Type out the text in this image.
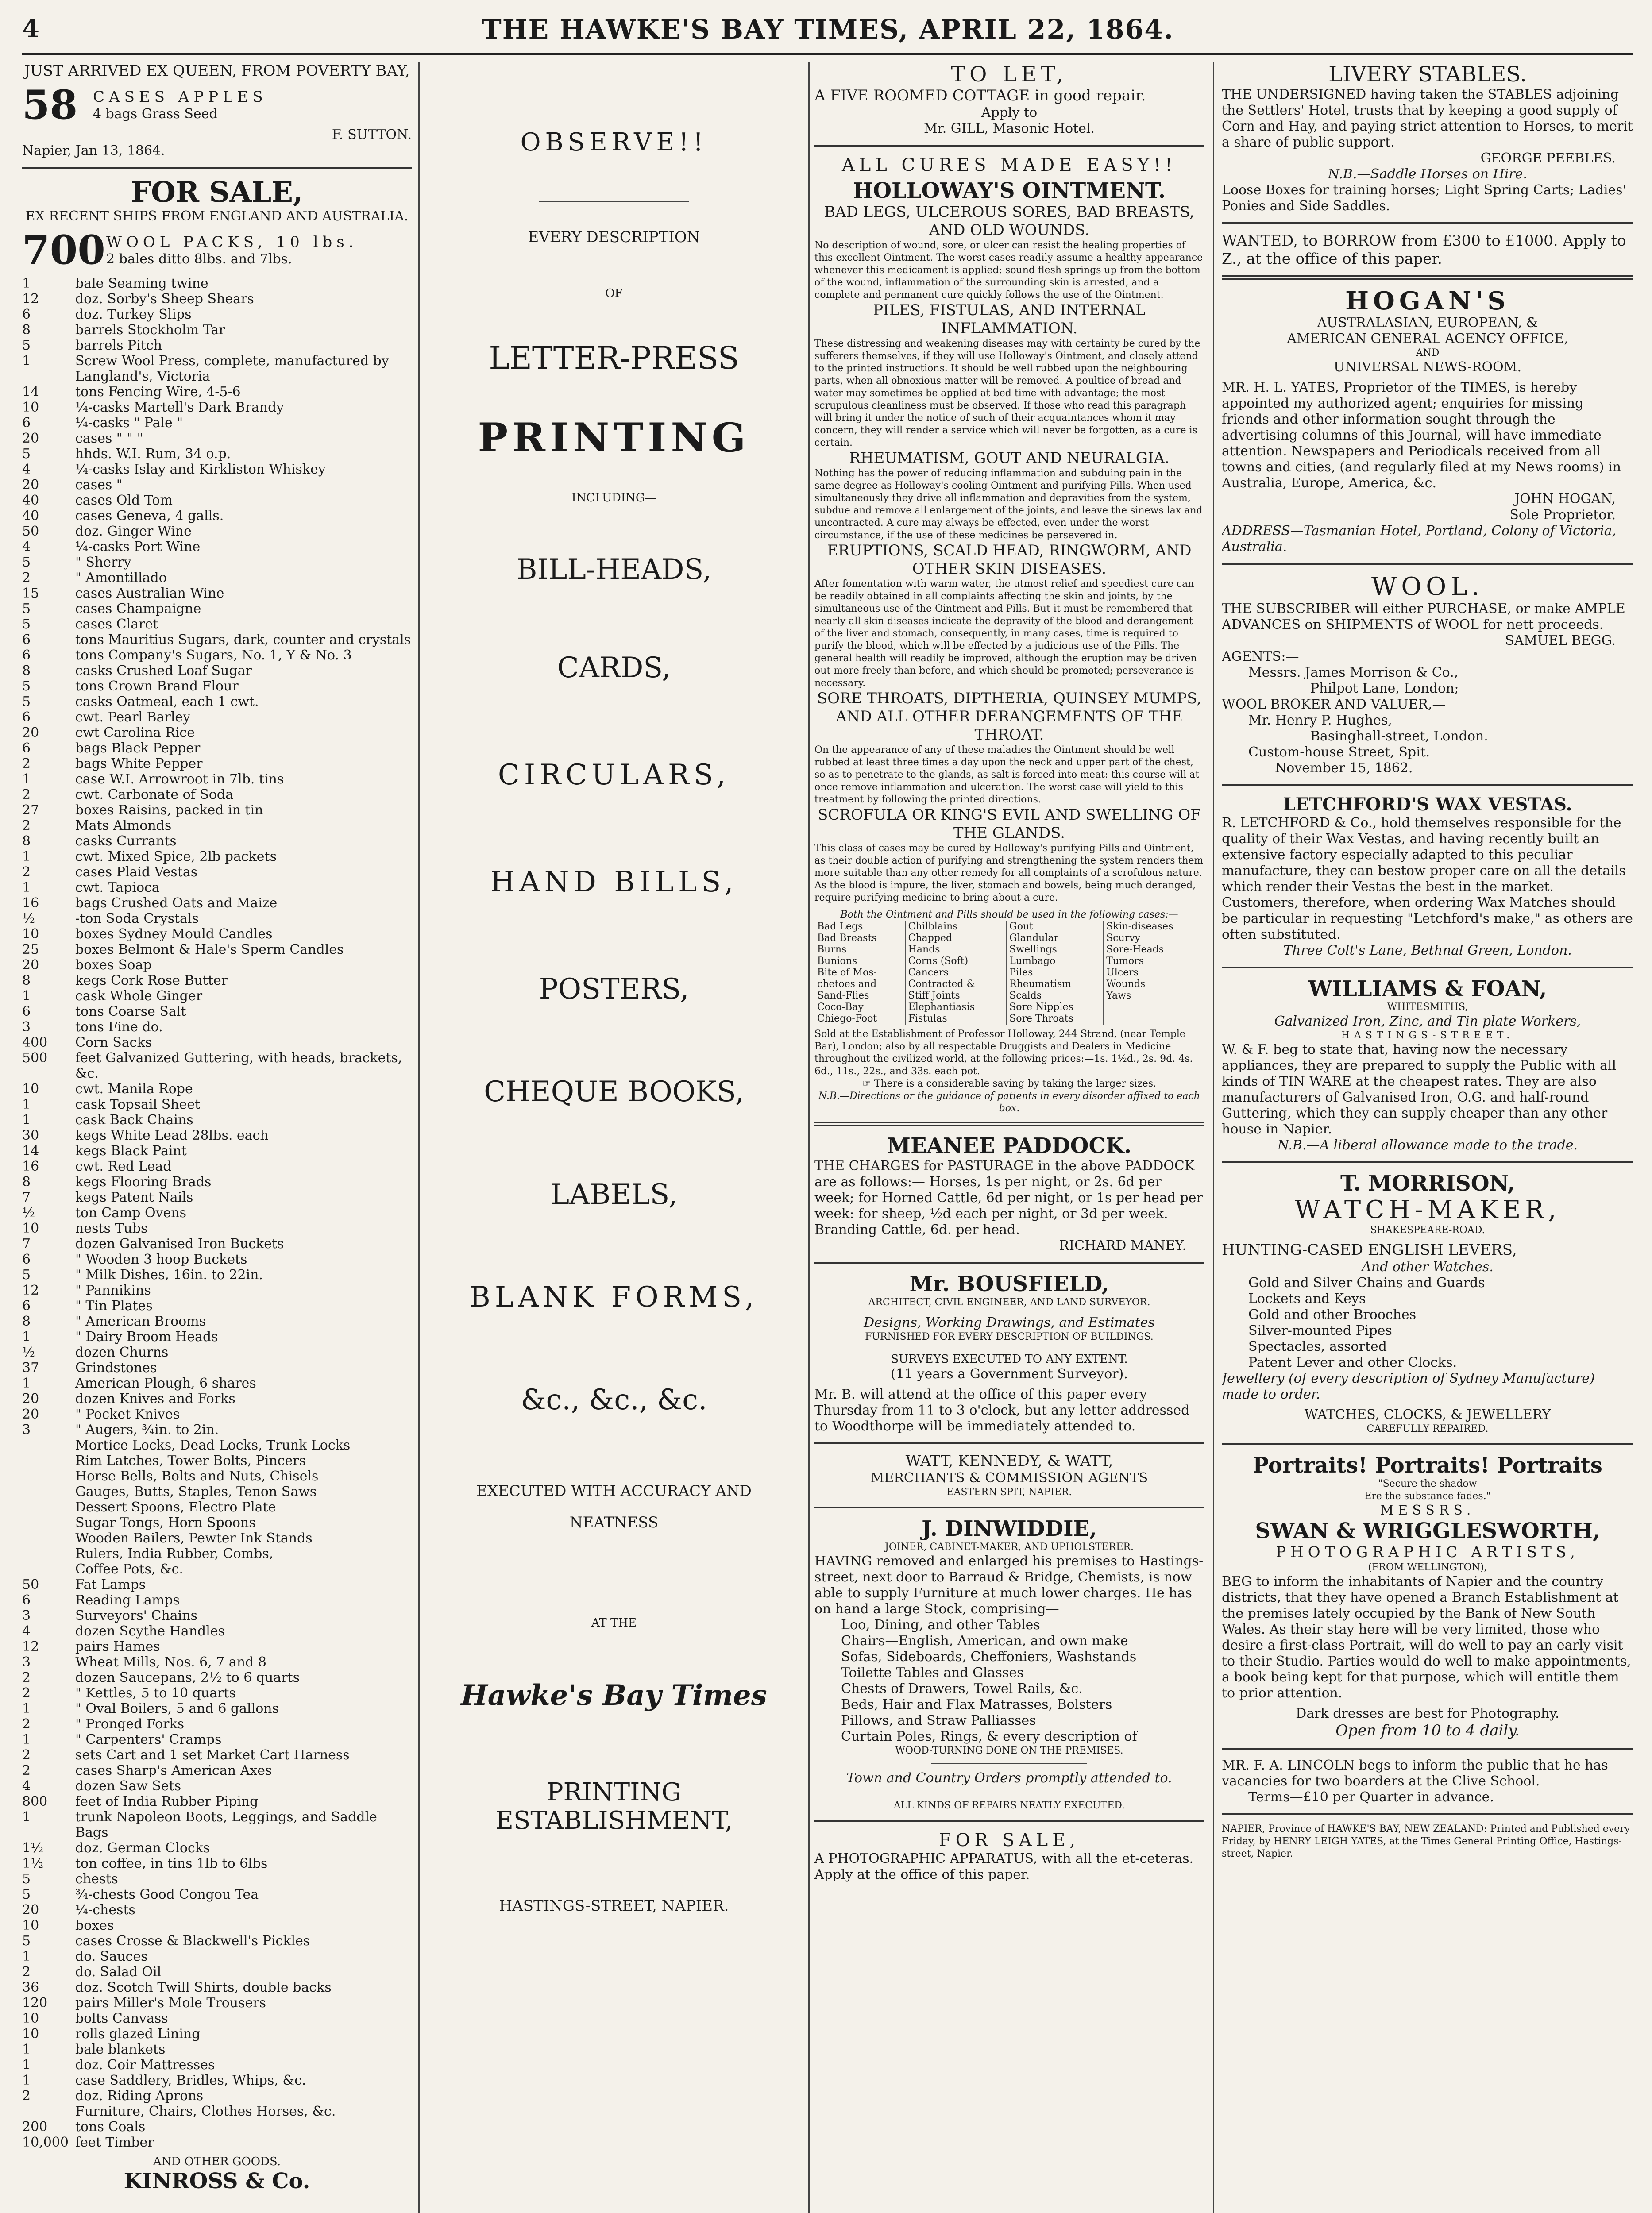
4	THE HAWKE'S BAY TIMES, APRIL 22, 1864.
JUST ARRIVED EX QUEEN, FROM POVERTY BAY,
58	CASES APPLES
4 bags Grass Seed
F. SUTTON.
Napier, Jan 13, 1864.
FOR SALE,
EX RECENT SHIPS FROM ENGLAND AND AUSTRALIA.
700 WOOL PACKS, 10 lbs.
2 bales ditto 8lbs. and 7lbs.
1	bale Seaming twine
12	doz. Sorby's Sheep Shears
6	doz. Turkey Slips
8	barrels Stockholm Tar
5	barrels Pitch
1	Screw Wool Press, complete, manufactured by Langland's, Victoria
14	tons Fencing Wire, 4-5-6
10	¼-casks Martell's Dark Brandy
6	¼-casks " Pale "
20	cases " " "
5	hhds. W.I. Rum, 34 o.p.
4	¼-casks Islay and Kirkliston Whiskey
20	cases "
40	cases Old Tom
40	cases Geneva, 4 galls.
50	doz. Ginger Wine
4	¼-casks Port Wine
5	" Sherry
2	" Amontillado
15	cases Australian Wine
5	cases Champaigne
5	cases Claret
6	tons Mauritius Sugars, dark, counter and crystals
6	tons Company's Sugars, No. 1, Y & No. 3
8	casks Crushed Loaf Sugar
5	tons Crown Brand Flour
5	casks Oatmeal, each 1 cwt.
6	cwt. Pearl Barley
20	cwt Carolina Rice
6	bags Black Pepper
2	bags White Pepper
1	case W.I. Arrowroot in 7lb. tins
2	cwt. Carbonate of Soda
27	boxes Raisins, packed in tin
2	Mats Almonds
8	casks Currants
1	cwt. Mixed Spice, 2lb packets
2	cases Plaid Vestas
1	cwt. Tapioca
16	bags Crushed Oats and Maize
½	-ton Soda Crystals
10	boxes Sydney Mould Candles
25	boxes Belmont & Hale's Sperm Candles
20	boxes Soap
8	kegs Cork Rose Butter
1	cask Whole Ginger
6	tons Coarse Salt
3	tons Fine do.
400 Corn Sacks
500 feet Galvanized Guttering, with heads, brackets, &c.
10	cwt. Manila Rope
1	cask Topsail Sheet
1	cask Back Chains
30	kegs White Lead 28lbs. each
14	kegs Black Paint
16	cwt. Red Lead
8	kegs Flooring Brads
7	kegs Patent Nails
½	ton Camp Ovens
10	nests Tubs
7	dozen Galvanised Iron Buckets
6	" Wooden 3 hoop Buckets
5	" Milk Dishes, 16in. to 22in.
12	" Pannikins
6	" Tin Plates
8	" American Brooms
1	" Dairy Broom Heads
½	dozen Churns
37	Grindstones
1	American Plough, 6 shares
20	dozen Knives and Forks
20	" Pocket Knives
3	" Augers, ¾in. to 2in.
Mortice Locks, Dead Locks, Trunk Locks
Rim Latches, Tower Bolts, Pincers
Horse Bells, Bolts and Nuts, Chisels
Gauges, Butts, Staples, Tenon Saws
Dessert Spoons, Electro Plate
Sugar Tongs, Horn Spoons
Wooden Bailers, Pewter Ink Stands
Rulers, India Rubber, Combs,
Coffee Pots, &c.
50	Fat Lamps
6	Reading Lamps
3	Surveyors' Chains
4	dozen Scythe Handles
12	pairs Hames
3	Wheat Mills, Nos. 6, 7 and 8
2	dozen Saucepans, 2½ to 6 quarts
2	" Kettles, 5 to 10 quarts
1	" Oval Boilers, 5 and 6 gallons
2	" Pronged Forks
1	" Carpenters' Cramps
2	sets Cart and 1 set Market Cart Harness
2	cases Sharp's American Axes
4	dozen Saw Sets
800 feet of India Rubber Piping
1	trunk Napoleon Boots, Leggings, and Saddle Bags
1½ doz. German Clocks
1½ ton coffee, in tins 1lb to 6lbs
5	chests
5	¾-chests Good Congou Tea
20	¼-chests
10	boxes
5	cases Crosse & Blackwell's Pickles
1	do. Sauces
2	do. Salad Oil
36	doz. Scotch Twill Shirts, double backs
120 pairs Miller's Mole Trousers
10	bolts Canvass
10	rolls glazed Lining
1	bale blankets
1	doz. Coir Mattresses
1	case Saddlery, Bridles, Whips, &c.
2	doz. Riding Aprons
Furniture, Chairs, Clothes Horses, &c.
200 tons Coals
10,000 feet Timber
AND OTHER GOODS.
KINROSS & Co.
OBSERVE!!
EVERY DESCRIPTION
OF
LETTER-PRESS
PRINTING
INCLUDING—
BILL-HEADS,
CARDS,
CIRCULARS,
HAND BILLS,
POSTERS,
CHEQUE BOOKS,
LABELS,
BLANK FORMS,
&c., &c., &c.
EXECUTED WITH ACCURACY AND
NEATNESS
AT THE
Hawke's Bay Times
PRINTING ESTABLISHMENT,
HASTINGS-STREET, NAPIER.
TO LET,
A FIVE ROOMED COTTAGE in good repair.
Apply to
Mr. GILL, Masonic Hotel.
ALL CURES MADE EASY!!
HOLLOWAY'S OINTMENT.
BAD LEGS, ULCEROUS SORES, BAD BREASTS, AND OLD WOUNDS.

No description of wound, sore, or ulcer can resist the healing properties of this excellent Ointment. The worst cases readily assume a healthy appearance whenever this medicament is applied: sound flesh springs up from the bottom of the wound, inflammation of the surrounding skin is arrested, and a complete and permanent cure quickly follows the use of the Ointment.

PILES, FISTULAS, AND INTERNAL INFLAMMATION.

These distressing and weakening diseases may with certainty be cured by the sufferers themselves, if they will use Holloway's Ointment, and closely attend to the printed instructions. It should be well rubbed upon the neighbouring parts, when all obnoxious matter will be removed. A poultice of bread and water may sometimes be applied at bed time with advantage; the most scrupulous cleanliness must be observed. If those who read this paragraph will bring it under the notice of such of their acquaintances whom it may concern, they will render a service which will never be forgotten, as a cure is certain.

RHEUMATISM, GOUT AND NEURALGIA.

Nothing has the power of reducing inflammation and subduing pain in the same degree as Holloway's cooling Ointment and purifying Pills. When used simultaneously they drive all inflammation and depravities from the system, subdue and remove all enlargement of the joints, and leave the sinews lax and uncontracted. A cure may always be effected, even under the worst circumstance, if the use of these medicines be persevered in.

ERUPTIONS, SCALD HEAD, RINGWORM, AND OTHER SKIN DISEASES.

After fomentation with warm water, the utmost relief and speediest cure can be readily obtained in all complaints affecting the skin and joints, by the simultaneous use of the Ointment and Pills. But it must be remembered that nearly all skin diseases indicate the depravity of the blood and derangement of the liver and stomach, consequently, in many cases, time is required to purify the blood, which will be effected by a judicious use of the Pills. The general health will readily be improved, although the eruption may be driven out more freely than before, and which should be promoted; perseverance is necessary.

SORE THROATS, DIPTHERIA, QUINSEY MUMPS, AND ALL OTHER DERANGEMENTS OF THE THROAT.

On the appearance of any of these maladies the Ointment should be well rubbed at least three times a day upon the neck and upper part of the chest, so as to penetrate to the glands, as salt is forced into meat: this course will at once remove inflammation and ulceration. The worst case will yield to this treatment by following the printed directions.

SCROFULA OR KING'S EVIL AND SWELLING OF THE GLANDS.

This class of cases may be cured by Holloway's purifying Pills and Ointment, as their double action of purifying and strengthening the system renders them more suitable than any other remedy for all complaints of a scrofulous nature. As the blood is impure, the liver, stomach and bowels, being much deranged, require purifying medicine to bring about a cure.

Both the Ointment and Pills should be used in the following cases:—
Bad Legs	Chilblains	Gout	Skin-diseases
Bad Breasts	Chapped	Glandular	Scurvy
Burns	Hands	Swellings	Sore-Heads
Bunions	Corns (Soft)	Lumbago	Tumors
Bite of Mos-	Cancers	Piles	Ulcers
chetoes and	Contracted &	Rheumatism	Wounds
Sand-Flies	Stiff Joints	Scalds	Yaws
Coco-Bay	Elephantiasis	Sore Nipples	
Chiego-Foot	Fistulas	Sore Throats	

Sold at the Establishment of Professor Holloway, 244 Strand, (near Temple Bar), London; also by all respectable Druggists and Dealers in Medicine throughout the civilized world, at the following prices:—1s. 1½d., 2s. 9d. 4s. 6d., 11s., 22s., and 33s. each pot.

☞ There is a considerable saving by taking the larger sizes.
N.B.—Directions or the guidance of patients in every disorder affixed to each box.
MEANEE PADDOCK.

THE CHARGES for PASTURAGE in the above PADDOCK are as follows:— Horses, 1s per night, or 2s. 6d per week; for Horned Cattle, 6d per night, or 1s per head per week: for sheep, ½d each per night, or 3d per week. Branding Cattle, 6d. per head.

RICHARD MANEY.
Mr. BOUSFIELD,
ARCHITECT, CIVIL ENGINEER, AND LAND SURVEYOR.
Designs, Working Drawings, and Estimates
FURNISHED FOR EVERY DESCRIPTION OF BUILDINGS.
SURVEYS EXECUTED TO ANY EXTENT.
(11 years a Government Surveyor).

Mr. B. will attend at the office of this paper every Thursday from 11 to 3 o'clock, but any letter addressed to Woodthorpe will be immediately attended to.

WATT, KENNEDY, & WATT,
MERCHANTS & COMMISSION AGENTS
EASTERN SPIT, NAPIER.
J. DINWIDDIE,
JOINER, CABINET-MAKER, AND UPHOLSTERER.

HAVING removed and enlarged his premises to Hastings-street, next door to Barraud & Bridge, Chemists, is now able to supply Furniture at much lower charges. He has on hand a large Stock, comprising—

Loo, Dining, and other Tables
Chairs—English, American, and own make
Sofas, Sideboards, Cheffoniers, Washstands
Toilette Tables and Glasses
Chests of Drawers, Towel Rails, &c.
Beds, Hair and Flax Matrasses, Bolsters
Pillows, and Straw Palliasses
Curtain Poles, Rings, & every description of
WOOD-TURNING DONE ON THE PREMISES.
Town and Country Orders promptly attended to.
ALL KINDS OF REPAIRS NEATLY EXECUTED.
FOR SALE,

A PHOTOGRAPHIC APPARATUS, with all the et-ceteras.

Apply at the office of this paper.
LIVERY STABLES.

THE UNDERSIGNED having taken the STABLES adjoining the Settlers' Hotel, trusts that by keeping a good supply of Corn and Hay, and paying strict attention to Horses, to merit a share of public support.

GEORGE PEEBLES.
N.B.—Saddle Horses on Hire.

Loose Boxes for training horses; Light Spring Carts; Ladies' Ponies and Side Saddles.

WANTED, to BORROW from £300 to £1000. Apply to Z., at the office of this paper.

HOGAN'S
AUSTRALASIAN, EUROPEAN, &
AMERICAN GENERAL AGENCY OFFICE,
AND
UNIVERSAL NEWS-ROOM.

MR. H. L. YATES, Proprietor of the TIMES, is hereby appointed my authorized agent; enquiries for missing friends and other information sought through the advertising columns of this Journal, will have immediate attention. Newspapers and Periodicals received from all towns and cities, (and regularly filed at my News rooms) in Australia, Europe, America, &c.

JOHN HOGAN,
Sole Proprietor.
ADDRESS—Tasmanian Hotel, Portland, Colony of Victoria, Australia.
WOOL.

THE SUBSCRIBER will either PURCHASE, or make AMPLE ADVANCES on SHIPMENTS of WOOL for nett proceeds.

SAMUEL BEGG.
AGENTS:—
Messrs. James Morrison & Co.,
Philpot Lane, London;
WOOL BROKER AND VALUER,—
Mr. Henry P. Hughes,
Basinghall-street, London.
Custom-house Street, Spit.
November 15, 1862.
LETCHFORD'S WAX VESTAS.

R. LETCHFORD & Co., hold themselves responsible for the quality of their Wax Vestas, and having recently built an extensive factory especially adapted to this peculiar manufacture, they can bestow proper care on all the details which render their Vestas the best in the market. Customers, therefore, when ordering Wax Matches should be particular in requesting "Letchford's make," as others are often substituted.

Three Colt's Lane, Bethnal Green, London.
WILLIAMS & FOAN,
WHITESMITHS,
Galvanized Iron, Zinc, and Tin plate Workers,
HASTINGS-STREET.

W. & F. beg to state that, having now the necessary appliances, they are prepared to supply the Public with all kinds of TIN WARE at the cheapest rates. They are also manufacturers of Galvanised Iron, O.G. and half-round Guttering, which they can supply cheaper than any other house in Napier.

N.B.—A liberal allowance made to the trade.
T. MORRISON,
WATCH-MAKER,
SHAKESPEARE-ROAD.
HUNTING-CASED ENGLISH LEVERS,
And other Watches.
Gold and Silver Chains and Guards
Lockets and Keys
Gold and other Brooches
Silver-mounted Pipes
Spectacles, assorted
Patent Lever and other Clocks.
Jewellery (of every description of Sydney Manufacture) made to order.
WATCHES, CLOCKS, & JEWELLERY
CAREFULLY REPAIRED.
Portraits! Portraits! Portraits
"Secure the shadow
Ere the substance fades."
MESSRS.
SWAN & WRIGGLESWORTH,
PHOTOGRAPHIC ARTISTS,
(FROM WELLINGTON),

BEG to inform the inhabitants of Napier and the country districts, that they have opened a Branch Establishment at the premises lately occupied by the Bank of New South Wales. As their stay here will be very limited, those who desire a first-class Portrait, will do well to pay an early visit to their Studio. Parties would do well to make appointments, a book being kept for that purpose, which will entitle them to prior attention.

Dark dresses are best for Photography.
Open from 10 to 4 daily.

MR. F. A. LINCOLN begs to inform the public that he has vacancies for two boarders at the Clive School.

Terms—£10 per Quarter in advance.

NAPIER, Province of HAWKE'S BAY, NEW ZEALAND: Printed and Published every Friday, by HENRY LEIGH YATES, at the Times General Printing Office, Hastings-street, Napier.
